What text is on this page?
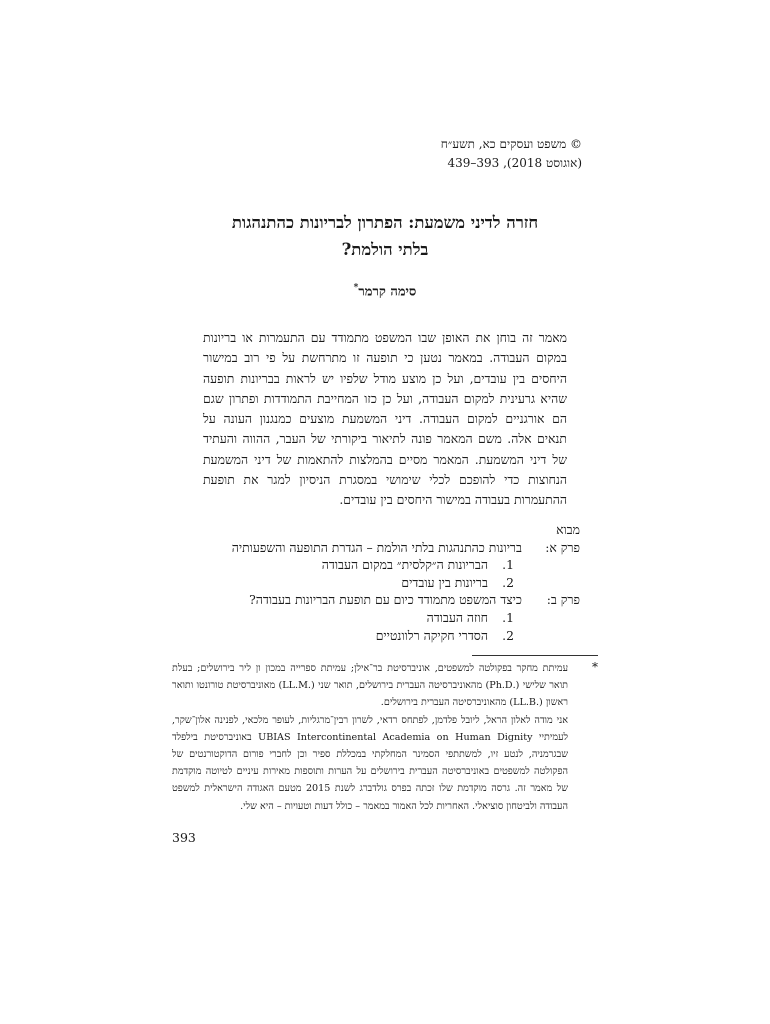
© משפט ועסקים כא, תשע״ח
(אוגוסט 2018), 393–439
חזרה לדיני משמעת: הפתרון לבריונות כהתנהגות
בלתי הולמת?
סימה קרמר*

מאמר זה בוחן את האופן שבו המשפט מתמודד עם התעמרות או בריונות במקום העבודה. במאמר נטען כי תופעה זו מתרחשת על פי רוב במישור היחסים בין עובדים, ועל כן מוצע מודל שלפיו יש לראות בבריונות תופעה שהיא גרעינית למקום העבודה, ועל כן כזו המחייבת התמודדות ופתרון שגם הם אורגניים למקום העבודה. דיני המשמעת מוצעים כמנגנון העונה על תנאים אלה. משם המאמר פונה לתיאור ביקורתי של העבר, ההווה והעתיד של דיני המשמעת. המאמר מסיים בהמלצות להתאמות של דיני המשמעת הנחוצות כדי להופכם לכלי שימושי במסגרת הניסיון למגר את תופעת ההתעמרות בעבודה במישור היחסים בין עובדים.

מבוא
פרק א:
בריונות כהתנהגות בלתי הולמת – הגדרת התופעה והשפעותיה
1.
הבריונות ה״קלסית״ במקום העבודה
2.
בריונות בין עובדים
פרק ב:
כיצד המשפט מתמודד כיום עם תופעת הבריונות בעבודה?
1.
חוזה העבודה
2.
הסדרי חקיקה רלוונטיים
*

עמיתת מחקר בפקולטה למשפטים, אוניברסיטת בר־אילן; עמיתת ספרייה במכון ון ליר בירושלים; בעלת תואר שלישי (.Ph.D) מהאוניברסיטה העברית בירושלים, תואר שני (.LL.M) מאוניברסיטת טורונטו ותואר ראשון (.LL.B) מהאוניברסיטה העברית בירושלים.

אני מודה לאלון הראל, ליובל פלדמן, לפתחס רדאי, לשרון רבין־מרגליות, לעופר מלכאי, לפנינה אלון־שקר, לעמיתיי UBIAS Intercontinental Academia on Human Dignity באוניברסיטת בילפלד שבגרמניה, לנטע זיו, למשתתפי הסמינר המחלקתי במכללת ספיר וכן לחברי פורום הדוקטורנטים של הפקולטה למשפטים באוניברסיטה העברית בירושלים על הערות ותוספות מאירות עיניים לטיוטה מוקדמת של מאמר זה. גרסה מוקדמת שלו זכתה בפרס גולדברג לשנת 2015 מטעם האגודה הישראלית למשפט העבודה ולביטחון סוציאלי. האחריות לכל האמור במאמר – כולל דעות וטעויות – היא שלי.

393
